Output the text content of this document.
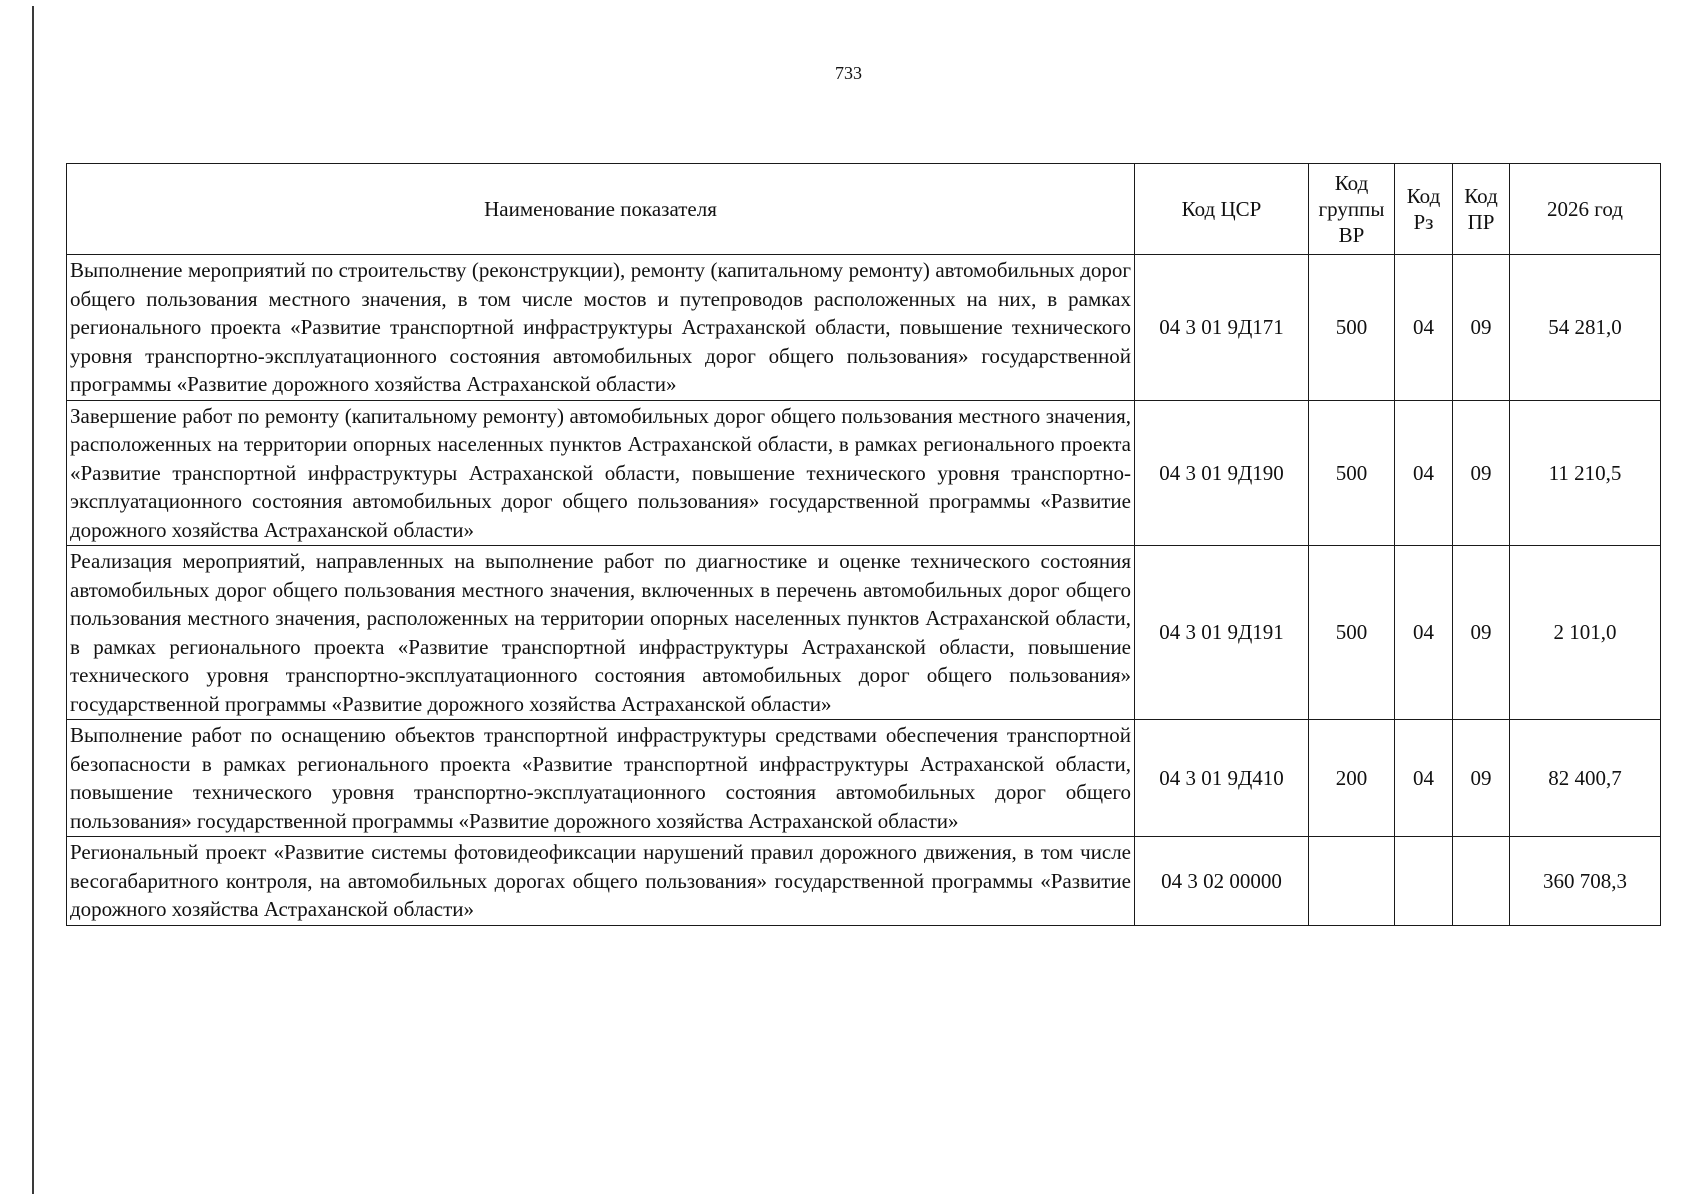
733
Наименование показателя	Код ЦСР	Код группы ВР	Код Рз	Код ПР	2026 год
Выполнение мероприятий по строительству (реконструкции), ремонту (капитальному ремонту) автомобильных дорог общего пользования местного значения, в том числе мостов и путепроводов расположенных на них, в рамках регионального проекта «Развитие транспортной инфраструктуры Астраханской области, повышение технического уровня транспортно-эксплуатационного состояния автомобильных дорог общего пользования» государственной программы «Развитие дорожного хозяйства Астраханской области»	04 3 01 9Д171	500	04	09	54 281,0
Завершение работ по ремонту (капитальному ремонту) автомобильных дорог общего пользования местного значения, расположенных на территории опорных населенных пунктов Астраханской области, в рамках регионального проекта «Развитие транспортной инфраструктуры Астраханской области, повышение технического уровня транспортно-эксплуатационного состояния автомобильных дорог общего пользования» государственной программы «Развитие дорожного хозяйства Астраханской области»	04 3 01 9Д190	500	04	09	11 210,5
Реализация мероприятий, направленных на выполнение работ по диагностике и оценке технического состояния автомобильных дорог общего пользования местного значения, включенных в перечень автомобильных дорог общего пользования местного значения, расположенных на территории опорных населенных пунктов Астраханской области, в рамках регионального проекта «Развитие транспортной инфраструктуры Астраханской области, повышение технического уровня транспортно-эксплуатационного состояния автомобильных дорог общего пользования» государственной программы «Развитие дорожного хозяйства Астраханской области»	04 3 01 9Д191	500	04	09	2 101,0
Выполнение работ по оснащению объектов транспортной инфраструктуры средствами обеспечения транспортной безопасности в рамках регионального проекта «Развитие транспортной инфраструктуры Астраханской области, повышение технического уровня транспортно-эксплуатационного состояния автомобильных дорог общего пользования» государственной программы «Развитие дорожного хозяйства Астраханской области»	04 3 01 9Д410	200	04	09	82 400,7
Региональный проект «Развитие системы фотовидеофиксации нарушений правил дорожного движения, в том числе весогабаритного контроля, на автомобильных дорогах общего пользования» государственной программы «Развитие дорожного хозяйства Астраханской области»	04 3 02 00000				360 708,3
